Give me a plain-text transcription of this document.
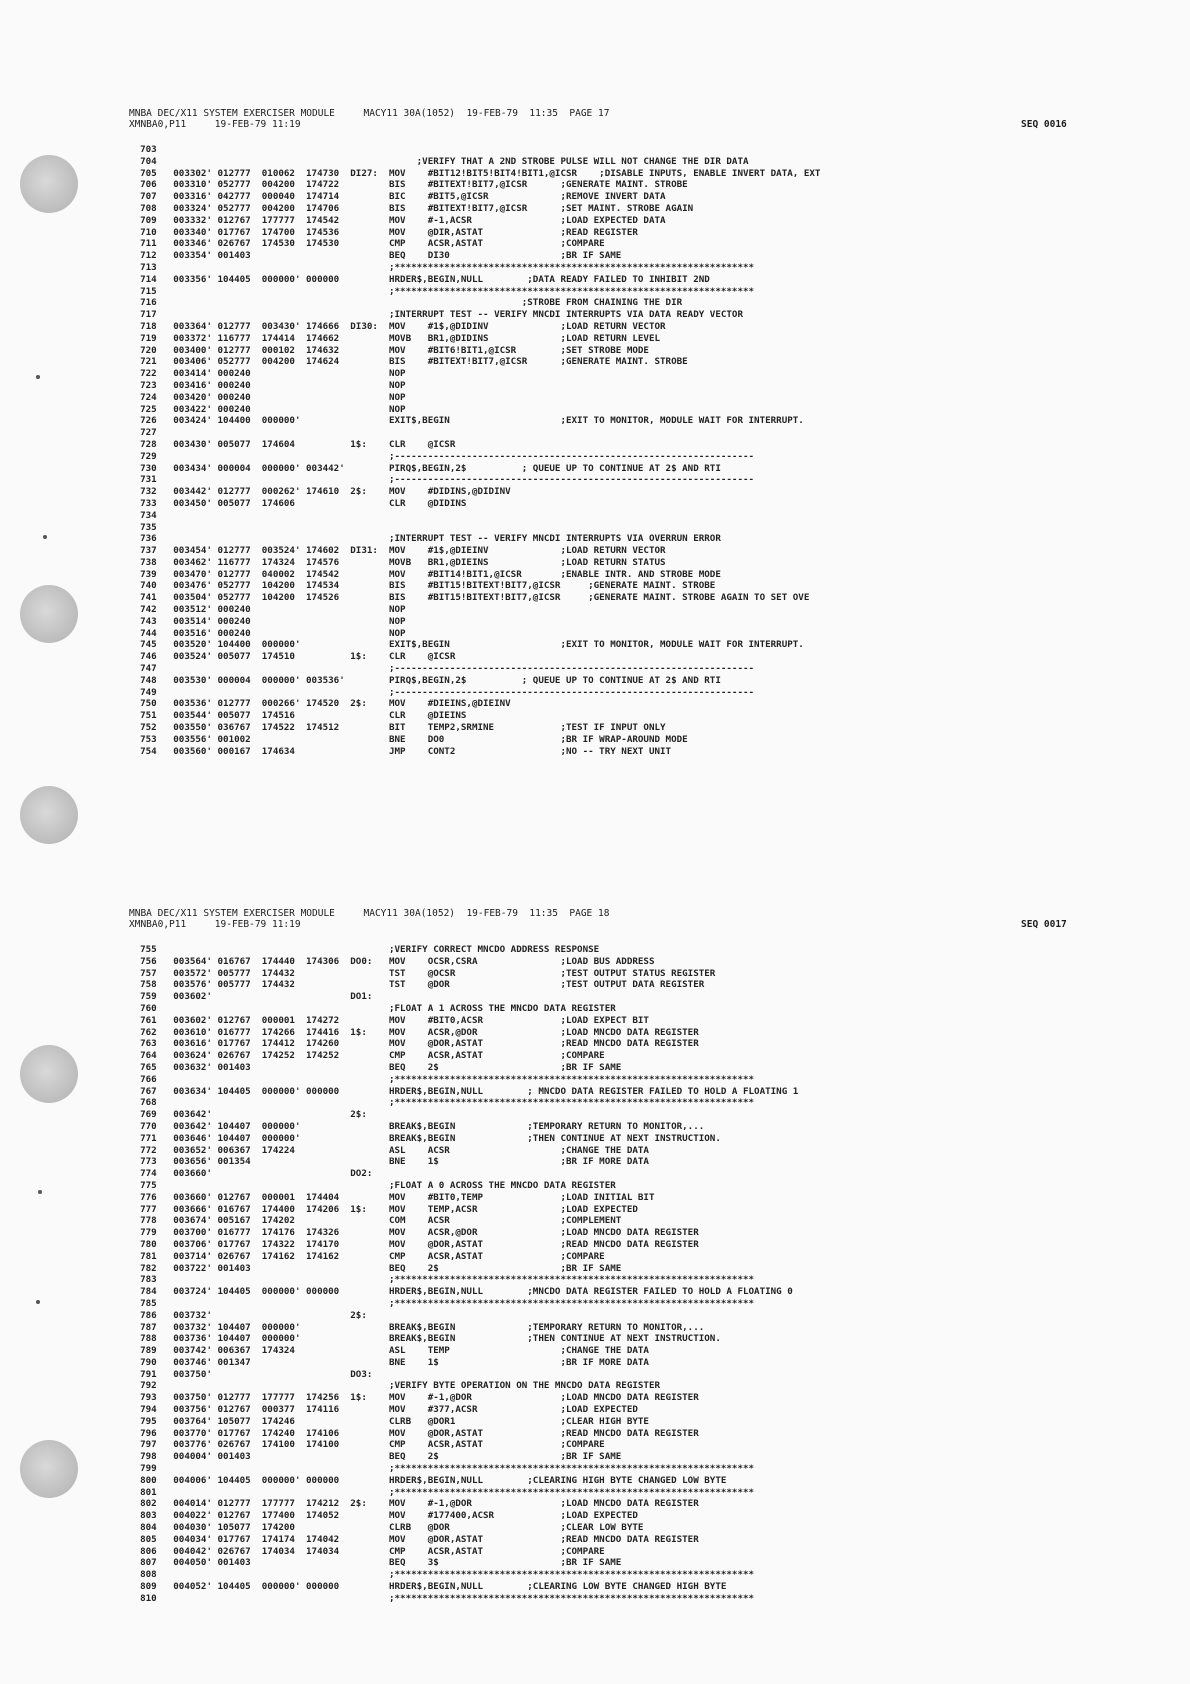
MNBA DEC/X11 SYSTEM EXERCISER MODULE     MACY11 30A(1052)  19-FEB-79  11:35  PAGE 17

XMNBA0,P11     19-FEB-79 11:19

	SEQ 0016

703
704                                               ;VERIFY THAT A 2ND STROBE PULSE WILL NOT CHANGE THE DIR DATA
705   003302' 012777  010062  174730  DI27:  MOV    #BIT12!BIT5!BIT4!BIT1,@ICSR    ;DISABLE INPUTS, ENABLE INVERT DATA, EXT
706   003310' 052777  004200  174722         BIS    #BITEXT!BIT7,@ICSR      ;GENERATE MAINT. STROBE
707   003316' 042777  000040  174714         BIC    #BIT5,@ICSR             ;REMOVE INVERT DATA
708   003324' 052777  004200  174706         BIS    #BITEXT!BIT7,@ICSR      ;SET MAINT. STROBE AGAIN
709   003332' 012767  177777  174542         MOV    #-1,ACSR                ;LOAD EXPECTED DATA
710   003340' 017767  174700  174536         MOV    @DIR,ASTAT              ;READ REGISTER
711   003346' 026767  174530  174530         CMP    ACSR,ASTAT              ;COMPARE
712   003354' 001403                         BEQ    DI30                    ;BR IF SAME
713                                          ;*****************************************************************
714   003356' 104405  000000' 000000         HRDER$,BEGIN,NULL        ;DATA READY FAILED TO INHIBIT 2ND
715                                          ;*****************************************************************
716                                                                  ;STROBE FROM CHAINING THE DIR
717                                          ;INTERRUPT TEST -- VERIFY MNCDI INTERRUPTS VIA DATA READY VECTOR
718   003364' 012777  003430' 174666  DI30:  MOV    #1$,@DIDINV             ;LOAD RETURN VECTOR
719   003372' 116777  174414  174662         MOVB   BR1,@DIDINS             ;LOAD RETURN LEVEL
720   003400' 012777  000102  174632         MOV    #BIT6!BIT1,@ICSR        ;SET STROBE MODE
721   003406' 052777  004200  174624         BIS    #BITEXT!BIT7,@ICSR      ;GENERATE MAINT. STROBE
722   003414' 000240                         NOP
723   003416' 000240                         NOP
724   003420' 000240                         NOP
725   003422' 000240                         NOP
726   003424' 104400  000000'                EXIT$,BEGIN                    ;EXIT TO MONITOR, MODULE WAIT FOR INTERRUPT.
727
728   003430' 005077  174604          1$:    CLR    @ICSR
729                                          ;-----------------------------------------------------------------
730   003434' 000004  000000' 003442'        PIRQ$,BEGIN,2$          ; QUEUE UP TO CONTINUE AT 2$ AND RTI
731                                          ;-----------------------------------------------------------------
732   003442' 012777  000262' 174610  2$:    MOV    #DIDINS,@DIDINV
733   003450' 005077  174606                 CLR    @DIDINS
734
735
736                                          ;INTERRUPT TEST -- VERIFY MNCDI INTERRUPTS VIA OVERRUN ERROR
737   003454' 012777  003524' 174602  DI31:  MOV    #1$,@DIEINV             ;LOAD RETURN VECTOR
738   003462' 116777  174324  174576         MOVB   BR1,@DIEINS             ;LOAD RETURN STATUS
739   003470' 012777  040002  174542         MOV    #BIT14!BIT1,@ICSR       ;ENABLE INTR. AND STROBE MODE
740   003476' 052777  104200  174534         BIS    #BIT15!BITEXT!BIT7,@ICSR     ;GENERATE MAINT. STROBE
741   003504' 052777  104200  174526         BIS    #BIT15!BITEXT!BIT7,@ICSR     ;GENERATE MAINT. STROBE AGAIN TO SET OVE
742   003512' 000240                         NOP
743   003514' 000240                         NOP
744   003516' 000240                         NOP
745   003520' 104400  000000'                EXIT$,BEGIN                    ;EXIT TO MONITOR, MODULE WAIT FOR INTERRUPT.
746   003524' 005077  174510          1$:    CLR    @ICSR
747                                          ;-----------------------------------------------------------------
748   003530' 000004  000000' 003536'        PIRQ$,BEGIN,2$          ; QUEUE UP TO CONTINUE AT 2$ AND RTI
749                                          ;-----------------------------------------------------------------
750   003536' 012777  000266' 174520  2$:    MOV    #DIEINS,@DIEINV
751   003544' 005077  174516                 CLR    @DIEINS
752   003550' 036767  174522  174512         BIT    TEMP2,SRMINE            ;TEST IF INPUT ONLY
753   003556' 001002                         BNE    DO0                     ;BR IF WRAP-AROUND MODE
754   003560' 000167  174634                 JMP    CONT2                   ;NO -- TRY NEXT UNIT

MNBA DEC/X11 SYSTEM EXERCISER MODULE     MACY11 30A(1052)  19-FEB-79  11:35  PAGE 18

XMNBA0,P11     19-FEB-79 11:19

	SEQ 0017

755                                          ;VERIFY CORRECT MNCDO ADDRESS RESPONSE
756   003564' 016767  174440  174306  DO0:   MOV    OCSR,CSRA               ;LOAD BUS ADDRESS
757   003572' 005777  174432                 TST    @OCSR                   ;TEST OUTPUT STATUS REGISTER
758   003576' 005777  174432                 TST    @DOR                    ;TEST OUTPUT DATA REGISTER
759   003602'                         DO1:
760                                          ;FLOAT A 1 ACROSS THE MNCDO DATA REGISTER
761   003602' 012767  000001  174272         MOV    #BIT0,ACSR              ;LOAD EXPECT BIT
762   003610' 016777  174266  174416  1$:    MOV    ACSR,@DOR               ;LOAD MNCDO DATA REGISTER
763   003616' 017767  174412  174260         MOV    @DOR,ASTAT              ;READ MNCDO DATA REGISTER
764   003624' 026767  174252  174252         CMP    ACSR,ASTAT              ;COMPARE
765   003632' 001403                         BEQ    2$                      ;BR IF SAME
766                                          ;*****************************************************************
767   003634' 104405  000000' 000000         HRDER$,BEGIN,NULL        ; MNCDO DATA REGISTER FAILED TO HOLD A FLOATING 1
768                                          ;*****************************************************************
769   003642'                         2$:
770   003642' 104407  000000'                BREAK$,BEGIN             ;TEMPORARY RETURN TO MONITOR,...
771   003646' 104407  000000'                BREAK$,BEGIN             ;THEN CONTINUE AT NEXT INSTRUCTION.
772   003652' 006367  174224                 ASL    ACSR                    ;CHANGE THE DATA
773   003656' 001354                         BNE    1$                      ;BR IF MORE DATA
774   003660'                         DO2:
775                                          ;FLOAT A 0 ACROSS THE MNCDO DATA REGISTER
776   003660' 012767  000001  174404         MOV    #BIT0,TEMP              ;LOAD INITIAL BIT
777   003666' 016767  174400  174206  1$:    MOV    TEMP,ACSR               ;LOAD EXPECTED
778   003674' 005167  174202                 COM    ACSR                    ;COMPLEMENT
779   003700' 016777  174176  174326         MOV    ACSR,@DOR               ;LOAD MNCDO DATA REGISTER
780   003706' 017767  174322  174170         MOV    @DOR,ASTAT              ;READ MNCDO DATA REGISTER
781   003714' 026767  174162  174162         CMP    ACSR,ASTAT              ;COMPARE
782   003722' 001403                         BEQ    2$                      ;BR IF SAME
783                                          ;*****************************************************************
784   003724' 104405  000000' 000000         HRDER$,BEGIN,NULL        ;MNCDO DATA REGISTER FAILED TO HOLD A FLOATING 0
785                                          ;*****************************************************************
786   003732'                         2$:
787   003732' 104407  000000'                BREAK$,BEGIN             ;TEMPORARY RETURN TO MONITOR,...
788   003736' 104407  000000'                BREAK$,BEGIN             ;THEN CONTINUE AT NEXT INSTRUCTION.
789   003742' 006367  174324                 ASL    TEMP                    ;CHANGE THE DATA
790   003746' 001347                         BNE    1$                      ;BR IF MORE DATA
791   003750'                         DO3:
792                                          ;VERIFY BYTE OPERATION ON THE MNCDO DATA REGISTER
793   003750' 012777  177777  174256  1$:    MOV    #-1,@DOR                ;LOAD MNCDO DATA REGISTER
794   003756' 012767  000377  174116         MOV    #377,ACSR               ;LOAD EXPECTED
795   003764' 105077  174246                 CLRB   @DOR1                   ;CLEAR HIGH BYTE
796   003770' 017767  174240  174106         MOV    @DOR,ASTAT              ;READ MNCDO DATA REGISTER
797   003776' 026767  174100  174100         CMP    ACSR,ASTAT              ;COMPARE
798   004004' 001403                         BEQ    2$                      ;BR IF SAME
799                                          ;*****************************************************************
800   004006' 104405  000000' 000000         HRDER$,BEGIN,NULL        ;CLEARING HIGH BYTE CHANGED LOW BYTE
801                                          ;*****************************************************************
802   004014' 012777  177777  174212  2$:    MOV    #-1,@DOR                ;LOAD MNCDO DATA REGISTER
803   004022' 012767  177400  174052         MOV    #177400,ACSR            ;LOAD EXPECTED
804   004030' 105077  174200                 CLRB   @DOR                    ;CLEAR LOW BYTE
805   004034' 017767  174174  174042         MOV    @DOR,ASTAT              ;READ MNCDO DATA REGISTER
806   004042' 026767  174034  174034         CMP    ACSR,ASTAT              ;COMPARE
807   004050' 001403                         BEQ    3$                      ;BR IF SAME
808                                          ;*****************************************************************
809   004052' 104405  000000' 000000         HRDER$,BEGIN,NULL        ;CLEARING LOW BYTE CHANGED HIGH BYTE
810                                          ;*****************************************************************
